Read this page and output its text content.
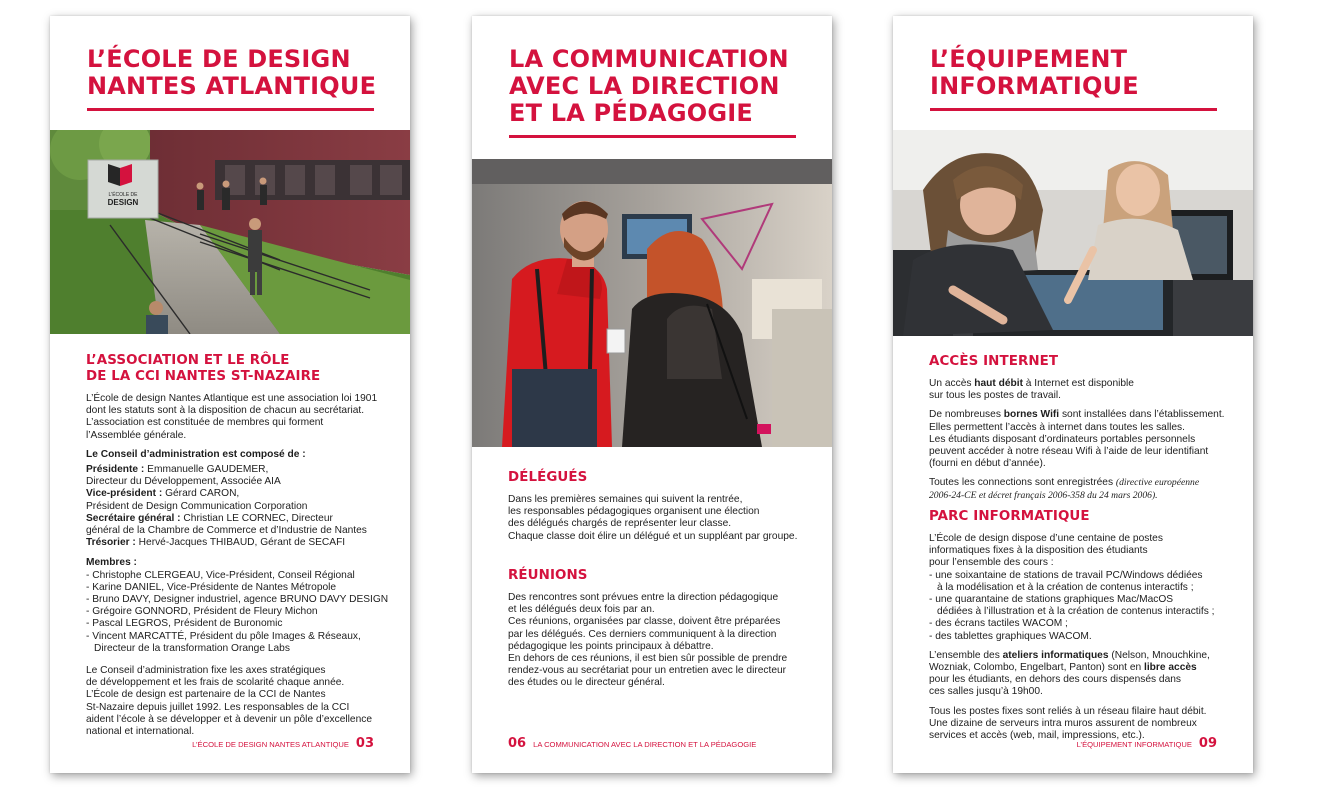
L’ÉCOLE DE DESIGN
NANTES ATLANTIQUE
L'ÉCOLE DE
DESIGN
L’ASSOCIATION ET LE RÔLE
DE LA CCI NANTES ST-NAZAIRE
L’École de design Nantes Atlantique est une association loi 1901
dont les statuts sont à la disposition de chacun au secrétariat.
L’association est constituée de membres qui forment
l’Assemblée générale.
Le Conseil d’administration est composé de :
Présidente : Emmanuelle GAUDEMER,
Directeur du Développement, Associée AIA
Vice-président : Gérard CARON,
Président de Design Communication Corporation
Secrétaire général : Christian LE CORNEC, Directeur
général de la Chambre de Commerce et d’Industrie de Nantes
Trésorier : Hervé-Jacques THIBAUD, Gérant de SECAFI
Membres :
- Christophe CLERGEAU, Vice-Président, Conseil Régional
- Karine DANIEL, Vice-Présidente de Nantes Métropole
- Bruno DAVY, Designer industriel, agence BRUNO DAVY DESIGN
- Grégoire GONNORD, Président de Fleury Michon
- Pascal LEGROS, Président de Buronomic
- Vincent MARCATTÉ, Président du pôle Images & Réseaux,
Directeur de la transformation Orange Labs
Le Conseil d’administration fixe les axes stratégiques
de développement et les frais de scolarité chaque année.
L’École de design est partenaire de la CCI de Nantes
St-Nazaire depuis juillet 1992. Les responsables de la CCI
aident l’école à se développer et à devenir un pôle d’excellence
national et international.
L’ÉCOLE DE DESIGN NANTES ATLANTIQUE 03
LA COMMUNICATION
AVEC LA DIRECTION
ET LA PÉDAGOGIE
DÉLÉGUÉS
Dans les premières semaines qui suivent la rentrée,
les responsables pédagogiques organisent une élection
des délégués chargés de représenter leur classe.
Chaque classe doit élire un délégué et un suppléant par groupe.
RÉUNIONS
Des rencontres sont prévues entre la direction pédagogique
et les délégués deux fois par an.
Ces réunions, organisées par classe, doivent être préparées
par les délégués. Ces derniers communiquent à la direction
pédagogique les points principaux à débattre.
En dehors de ces réunions, il est bien sûr possible de prendre
rendez-vous au secrétariat pour un entretien avec le directeur
des études ou le directeur général.
06 LA COMMUNICATION AVEC LA DIRECTION ET LA PÉDAGOGIE
L’ÉQUIPEMENT
INFORMATIQUE
ACCÈS INTERNET
Un accès haut débit à Internet est disponible
sur tous les postes de travail.
De nombreuses bornes Wifi sont installées dans l’établissement.
Elles permettent l’accès à internet dans toutes les salles.
Les étudiants disposant d’ordinateurs portables personnels
peuvent accéder à notre réseau Wifi à l’aide de leur identifiant
(fourni en début d’année).
Toutes les connections sont enregistrées (directive européenne
2006-24-CE et décret français 2006-358 du 24 mars 2006).
PARC INFORMATIQUE
L’École de design dispose d’une centaine de postes
informatiques fixes à la disposition des étudiants
pour l’ensemble des cours :
- une soixantaine de stations de travail PC/Windows dédiées
à la modélisation et à la création de contenus interactifs ;
- une quarantaine de stations graphiques Mac/MacOS
dédiées à l’illustration et à la création de contenus interactifs ;
- des écrans tactiles WACOM ;
- des tablettes graphiques WACOM.
L’ensemble des ateliers informatiques (Nelson, Mnouchkine,
Wozniak, Colombo, Engelbart, Panton) sont en libre accès
pour les étudiants, en dehors des cours dispensés dans
ces salles jusqu’à 19h00.
Tous les postes fixes sont reliés à un réseau filaire haut débit.
Une dizaine de serveurs intra muros assurent de nombreux
services et accès (web, mail, impressions, etc.).
L’ÉQUIPEMENT INFORMATIQUE 09
